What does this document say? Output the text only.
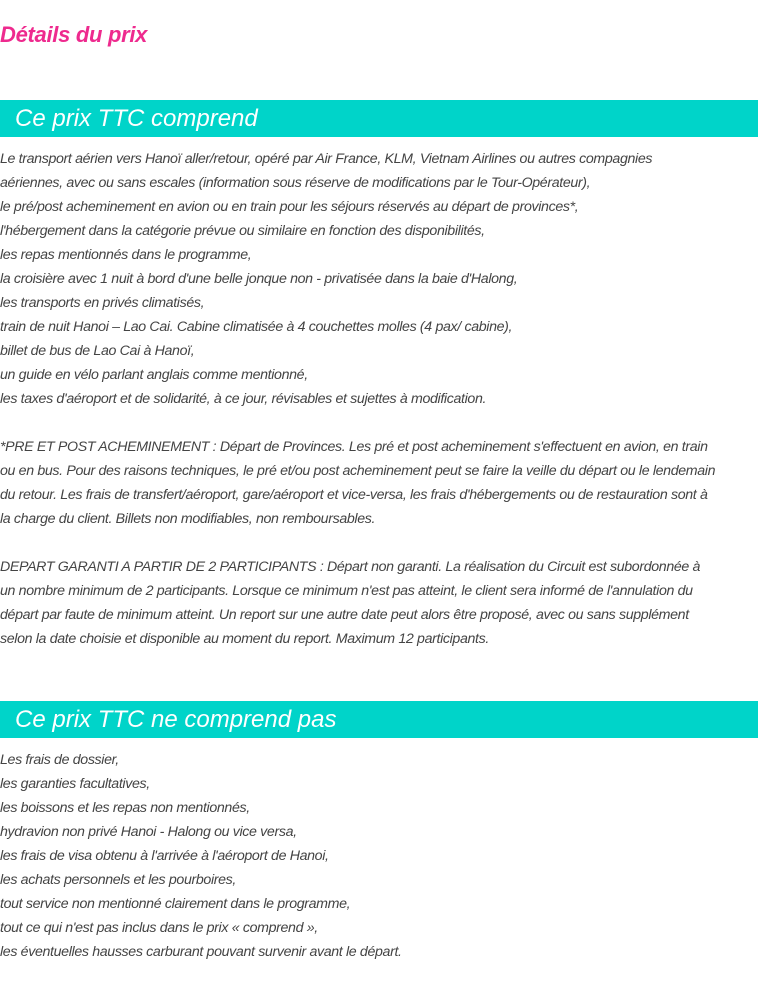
Détails du prix
Ce prix TTC comprend
Le transport aérien vers Hanoï aller/retour, opéré par Air France, KLM, Vietnam Airlines ou autres compagnies
aériennes, avec ou sans escales (information sous réserve de modifications par le Tour-Opérateur),
le pré/post acheminement en avion ou en train pour les séjours réservés au départ de provinces*,
l'hébergement dans la catégorie prévue ou similaire en fonction des disponibilités,
les repas mentionnés dans le programme,
la croisière avec 1 nuit à bord d'une belle jonque non - privatisée dans la baie d'Halong,
les transports en privés climatisés,
train de nuit Hanoi – Lao Cai. Cabine climatisée à 4 couchettes molles (4 pax/ cabine),
billet de bus de Lao Cai à Hanoï,
un guide en vélo parlant anglais comme mentionné,
les taxes d'aéroport et de solidarité, à ce jour, révisables et sujettes à modification.
*PRE ET POST ACHEMINEMENT : Départ de Provinces. Les pré et post acheminement s'effectuent en avion, en train
ou en bus. Pour des raisons techniques, le pré et/ou post acheminement peut se faire la veille du départ ou le lendemain
du retour. Les frais de transfert/aéroport, gare/aéroport et vice-versa, les frais d'hébergements ou de restauration sont à
la charge du client. Billets non modifiables, non remboursables.
DEPART GARANTI A PARTIR DE 2 PARTICIPANTS : Départ non garanti. La réalisation du Circuit est subordonnée à
un nombre minimum de 2 participants. Lorsque ce minimum n'est pas atteint, le client sera informé de l'annulation du
départ par faute de minimum atteint. Un report sur une autre date peut alors être proposé, avec ou sans supplément
selon la date choisie et disponible au moment du report. Maximum 12 participants.
Ce prix TTC ne comprend pas
Les frais de dossier,
les garanties facultatives,
les boissons et les repas non mentionnés,
hydravion non privé Hanoi - Halong ou vice versa,
les frais de visa obtenu à l'arrivée à l'aéroport de Hanoi,
les achats personnels et les pourboires,
tout service non mentionné clairement dans le programme,
tout ce qui n'est pas inclus dans le prix « comprend »,
les éventuelles hausses carburant pouvant survenir avant le départ.
